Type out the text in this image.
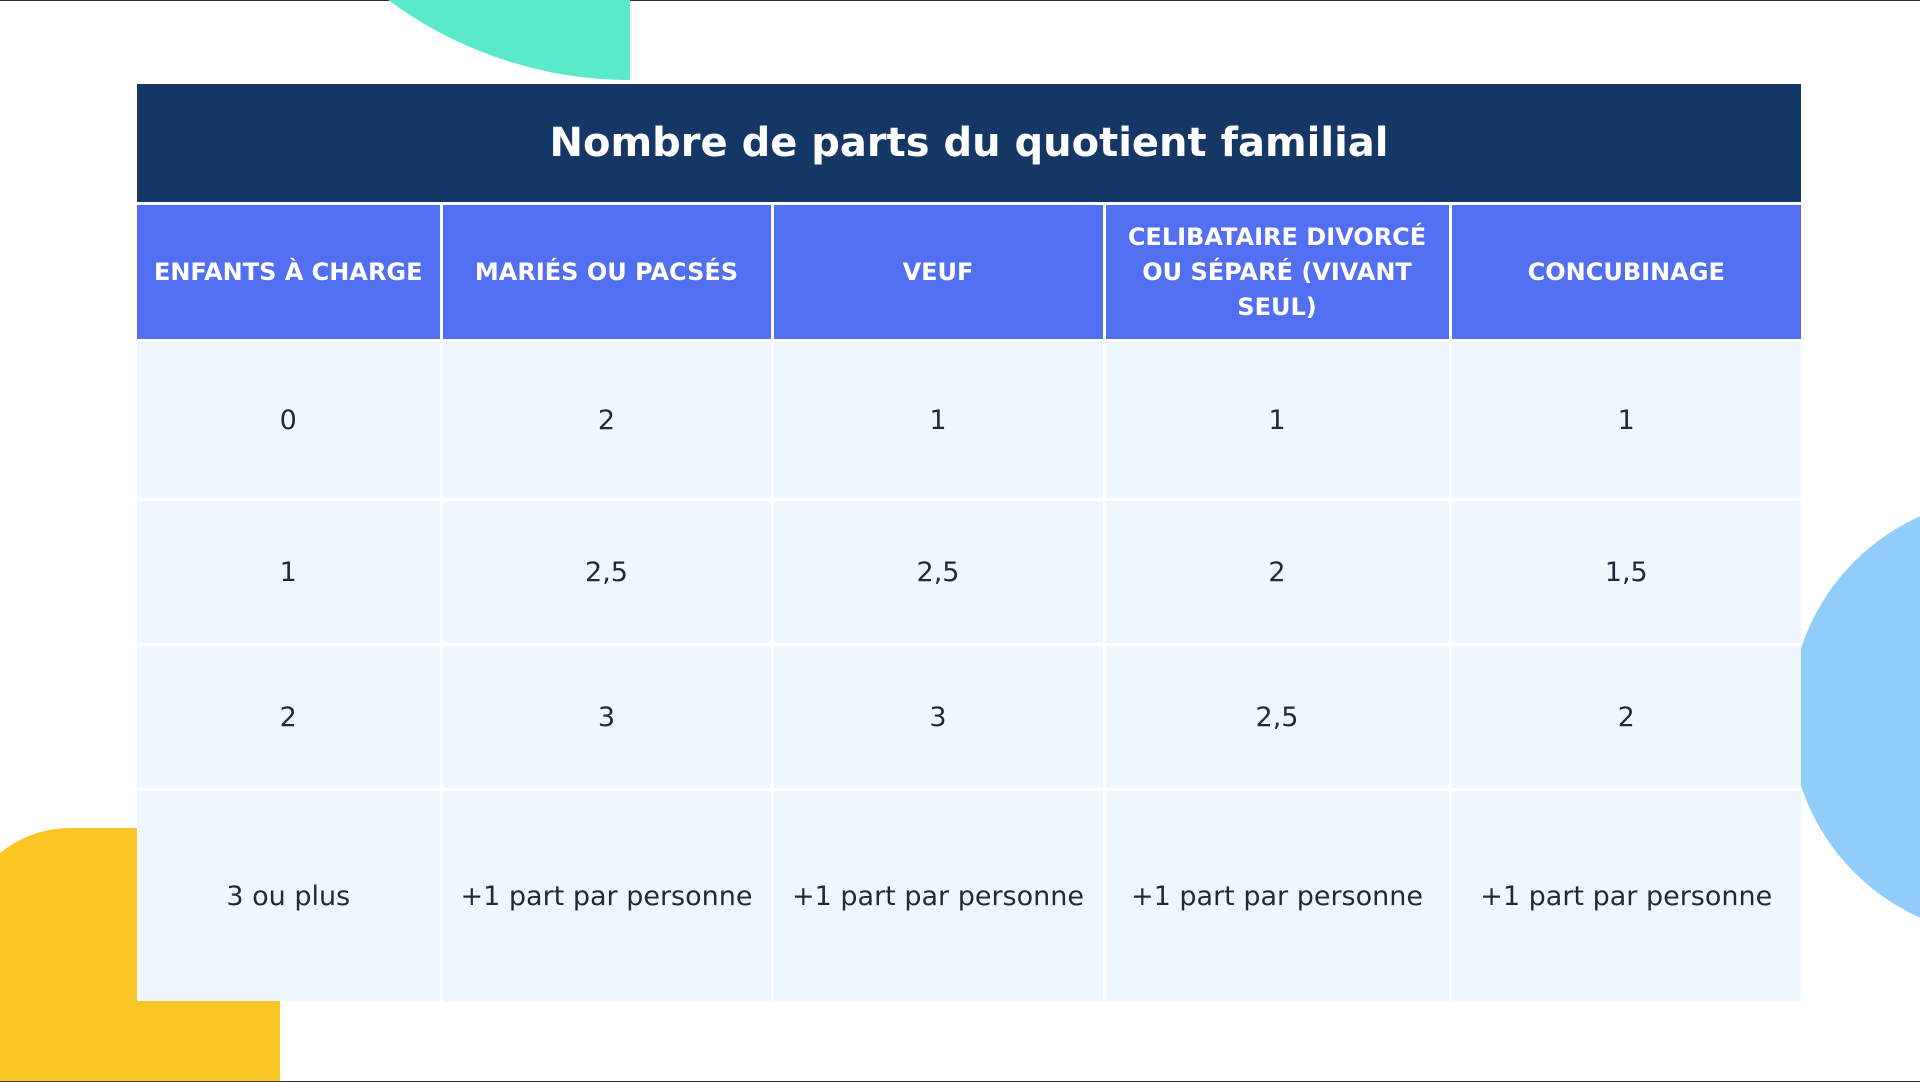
Nombre de parts du quotient familial
ENFANTS À CHARGE	MARIÉS OU PACSÉS	VEUF	CELIBATAIRE DIVORCÉ OU SÉPARÉ (VIVANT SEUL)	CONCUBINAGE
0	2	1	1	1
1	2,5	2,5	2	1,5
2	3	3	2,5	2
3 ou plus	+1 part par personne	+1 part par personne	+1 part par personne	+1 part par personne
